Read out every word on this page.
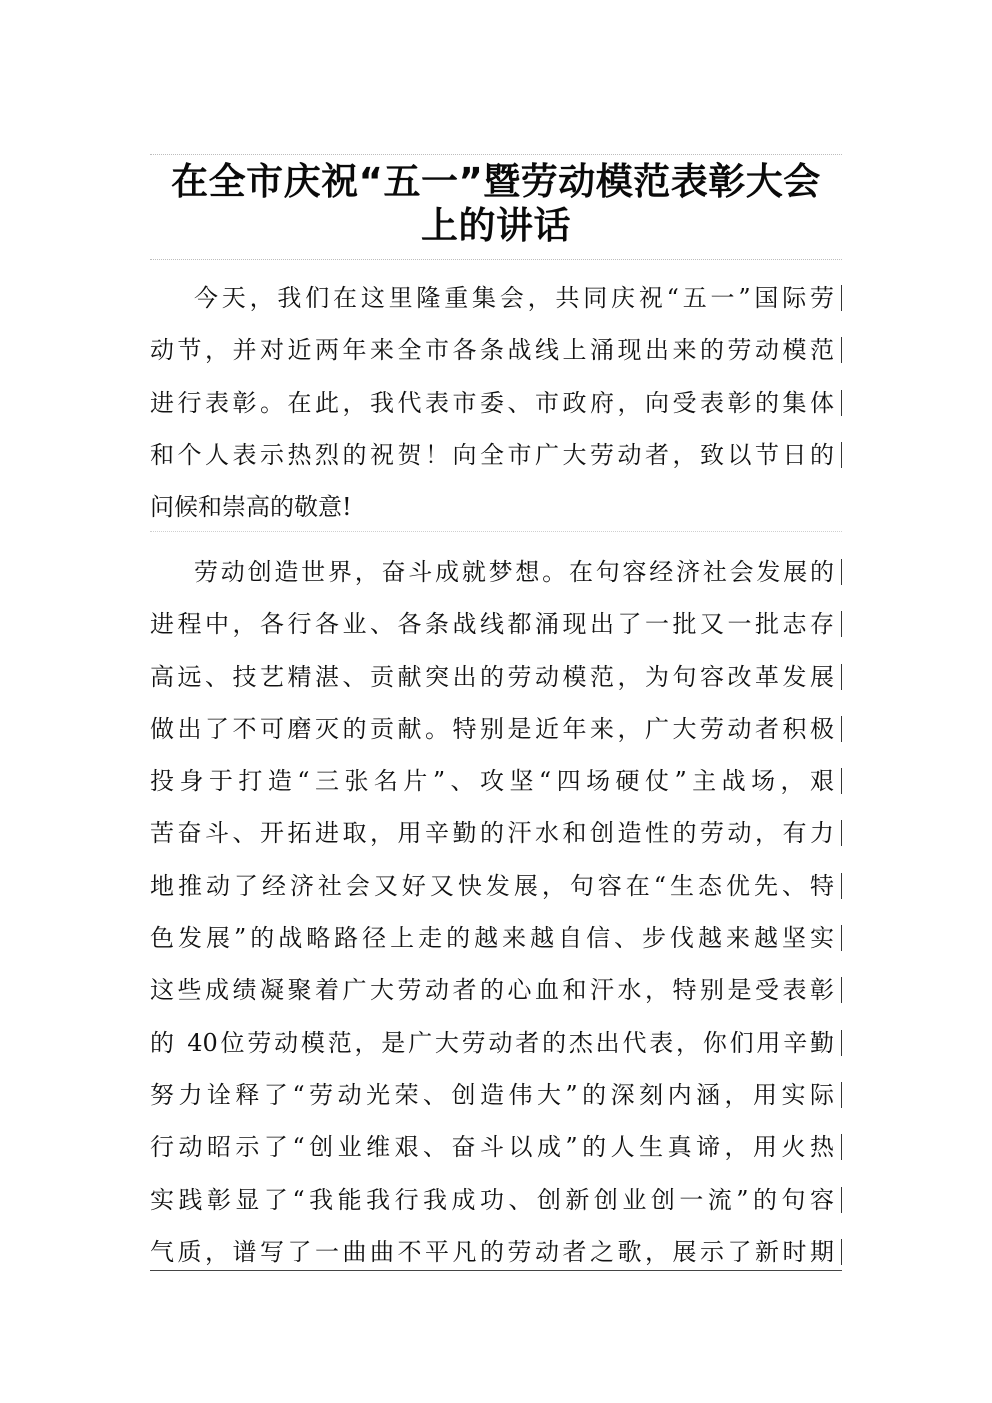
在全市庆祝“五一”暨劳动模范表彰大会
上的讲话
今天，我们在这里隆重集会，共同庆祝“五一”国际劳
动节，并对近两年来全市各条战线上涌现出来的劳动模范
进行表彰。在此，我代表市委、市政府，向受表彰的集体
和个人表示热烈的祝贺！向全市广大劳动者，致以节日的
问候和崇高的敬意!
劳动创造世界，奋斗成就梦想。在句容经济社会发展的
进程中，各行各业、各条战线都涌现出了一批又一批志存
高远、技艺精湛、贡献突出的劳动模范，为句容改革发展
做出了不可磨灭的贡献。特别是近年来，广大劳动者积极
投身于打造“三张名片”、攻坚“四场硬仗”主战场，艰
苦奋斗、开拓进取，用辛勤的汗水和创造性的劳动，有力
地推动了经济社会又好又快发展，句容在“生态优先、特
色发展”的战略路径上走的越来越自信、步伐越来越坚实
这些成绩凝聚着广大劳动者的心血和汗水，特别是受表彰
的 40位劳动模范，是广大劳动者的杰出代表，你们用辛勤
努力诠释了“劳动光荣、创造伟大”的深刻内涵，用实际
行动昭示了“创业维艰、奋斗以成”的人生真谛，用火热
实践彰显了“我能我行我成功、创新创业创一流”的句容
气质，谱写了一曲曲不平凡的劳动者之歌，展示了新时期
